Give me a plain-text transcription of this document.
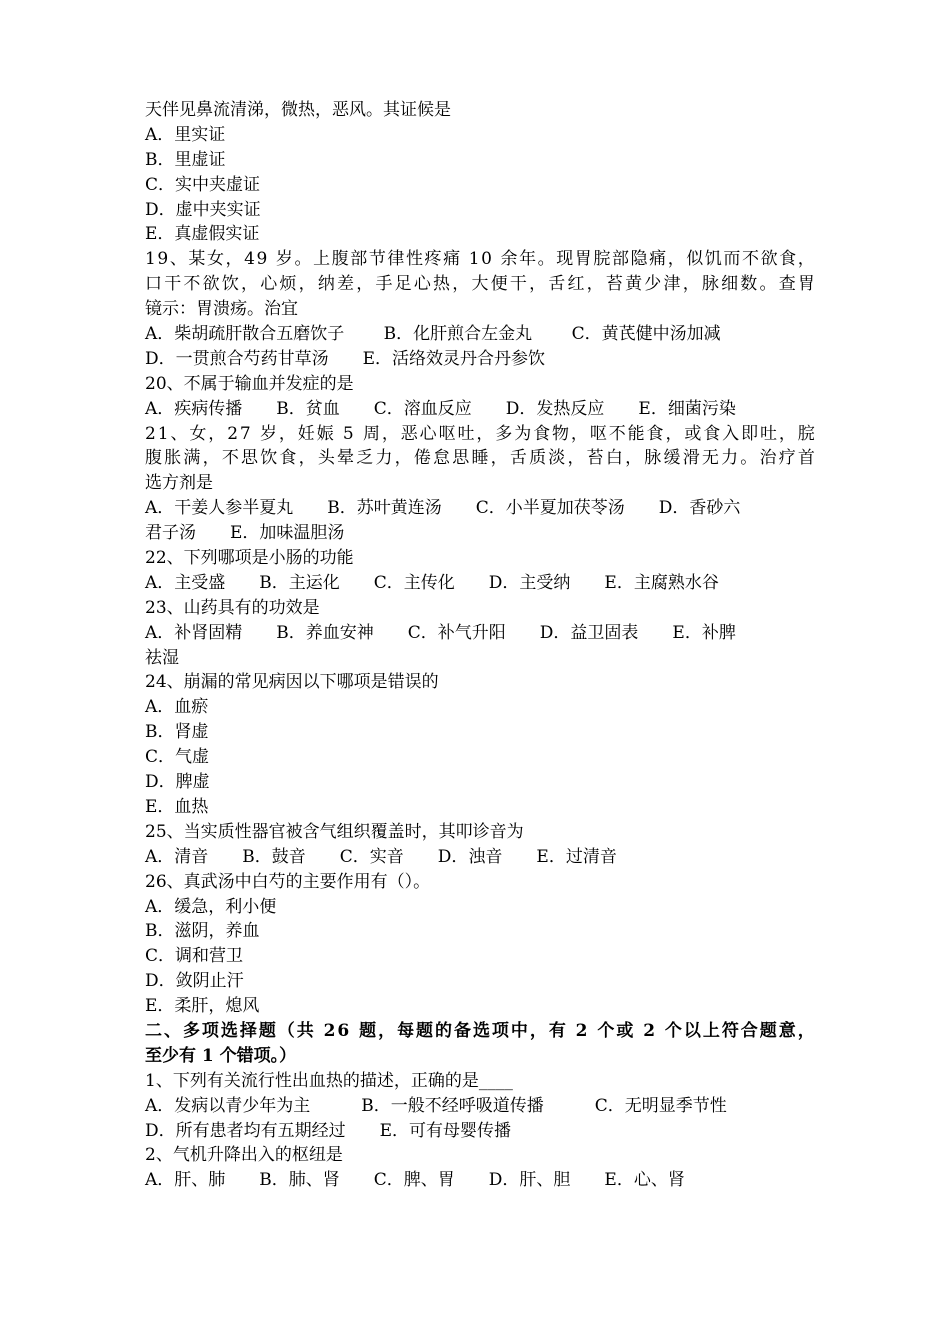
天伴见鼻流清涕，微热，恶风。其证候是
A．里实证
B．里虚证
C．实中夹虚证
D．虚中夹实证
E．真虚假实证
1 9 、 某 女 ， 4 9
岁 。 上 腹 部 节 律 性 疼 痛
1 0
余 年 。 现 胃 脘 部 隐 痛 ， 似 饥 而 不 欲 食 ，
口 干 不 欲 饮 ， 心 烦 ， 纳 差 ， 手 足 心 热 ， 大 便 干 ， 舌 红 ， 苔 黄 少 津 ， 脉 细 数 。 查 胃
镜示：胃溃疡。治宜
A．柴胡疏肝散合五磨饮子　　 B．化肝煎合左金丸　　 C．黄芪健中汤加减
D．一贯煎合芍药甘草汤　　E．活络效灵丹合丹参饮
20、不属于输血并发症的是
A．疾病传播　　B．贫血　　C．溶血反应　　D．发热反应　　E．细菌污染
2 1 、 女 ， 2 7
岁 ， 妊 娠
5
周 ， 恶 心 呕 吐 ， 多 为 食 物 ， 呕 不 能 食 ， 或 食 入 即 吐 ， 脘
腹 胀 满 ， 不 思 饮 食 ， 头 晕 乏 力 ， 倦 怠 思 睡 ， 舌 质 淡 ， 苔 白 ， 脉 缓 滑 无 力 。 治 疗 首
选方剂是
A．干姜人参半夏丸　　B．苏叶黄连汤　　C．小半夏加茯苓汤　　D．香砂六
君子汤　　E．加味温胆汤
22、下列哪项是小肠的功能
A．主受盛　　B．主运化　　C．主传化　　D．主受纳　　E．主腐熟水谷
23、山药具有的功效是
A．补肾固精　　B．养血安神　　C．补气升阳　　D．益卫固表　　E．补脾
祛湿
24、崩漏的常见病因以下哪项是错误的
A．血瘀
B．肾虚
C．气虚
D．脾虚
E．血热
25、当实质性器官被含气组织覆盖时，其叩诊音为
A．清音　　B．鼓音　　C．实音　　D．浊音　　E．过清音
26、真武汤中白芍的主要作用有（）。
A．缓急，利小便
B．滋阴，养血
C．调和营卫
D．敛阴止汗
E．柔肝，熄风
二 、 多 项 选 择 题 （ 共
2 6
题 ， 每 题 的 备 选 项 中 ， 有
2
个 或
2
个 以 上 符 合 题 意 ，
至少有 1 个错项。）
1、下列有关流行性出血热的描述，正确的是____
A．发病以青少年为主　　　B．一般不经呼吸道传播　　　C．无明显季节性
D．所有患者均有五期经过　　E．可有母婴传播
2、气机升降出入的枢纽是
A．肝、肺　　B．肺、肾　　C．脾、胃　　D．肝、胆　　E．心、肾
